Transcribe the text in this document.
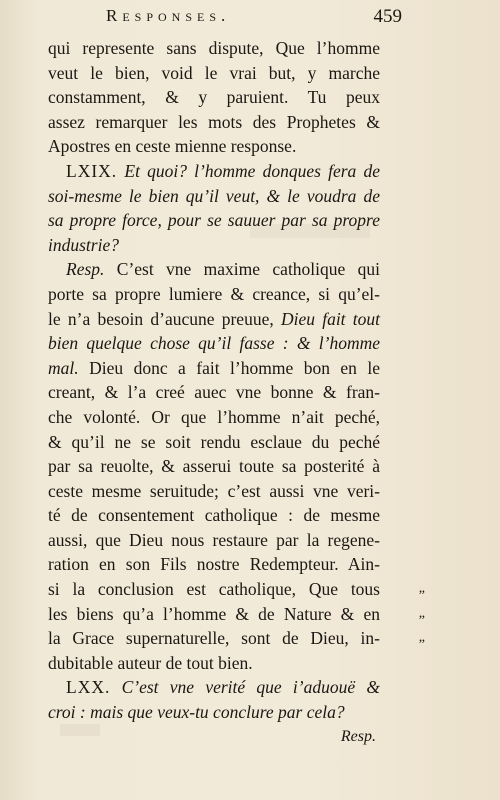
Responses.	459
qui represente sans dispute, Que l’homme
veut le bien, void le vrai but, y marche
constamment, & y paruient. Tu peux
assez remarquer les mots des Prophetes &
Apostres en ceste mienne response.
LXIX. Et quoi? l’homme donques fera de
soi-mesme le bien qu’il veut, & le voudra de
sa propre force, pour se sauuer par sa propre
industrie?
Resp. C’est vne maxime catholique qui
porte sa propre lumiere & creance, si qu’el-
le n’a besoin d’aucune preuue, Dieu fait tout
bien quelque chose qu’il fasse : & l’homme
mal. Dieu donc a fait l’homme bon en le
creant, & l’a creé auec vne bonne & fran-
che volonté. Or que l’homme n’ait peché,
& qu’il ne se soit rendu esclaue du peché
par sa reuolte, & asserui toute sa posterité à
ceste mesme seruitude; c’est aussi vne veri-
té de consentement catholique : de mesme
aussi, que Dieu nous restaure par la regene-
ration en son Fils nostre Redempteur. Ain-
si la conclusion est catholique, Que tous	„
les biens qu’a l’homme & de Nature & en	„
la Grace supernaturelle, sont de Dieu, in-	„
dubitable auteur de tout bien.
LXX. C’est vne verité que i’aduouë &
croi : mais que veux-tu conclure par cela?
Resp.
